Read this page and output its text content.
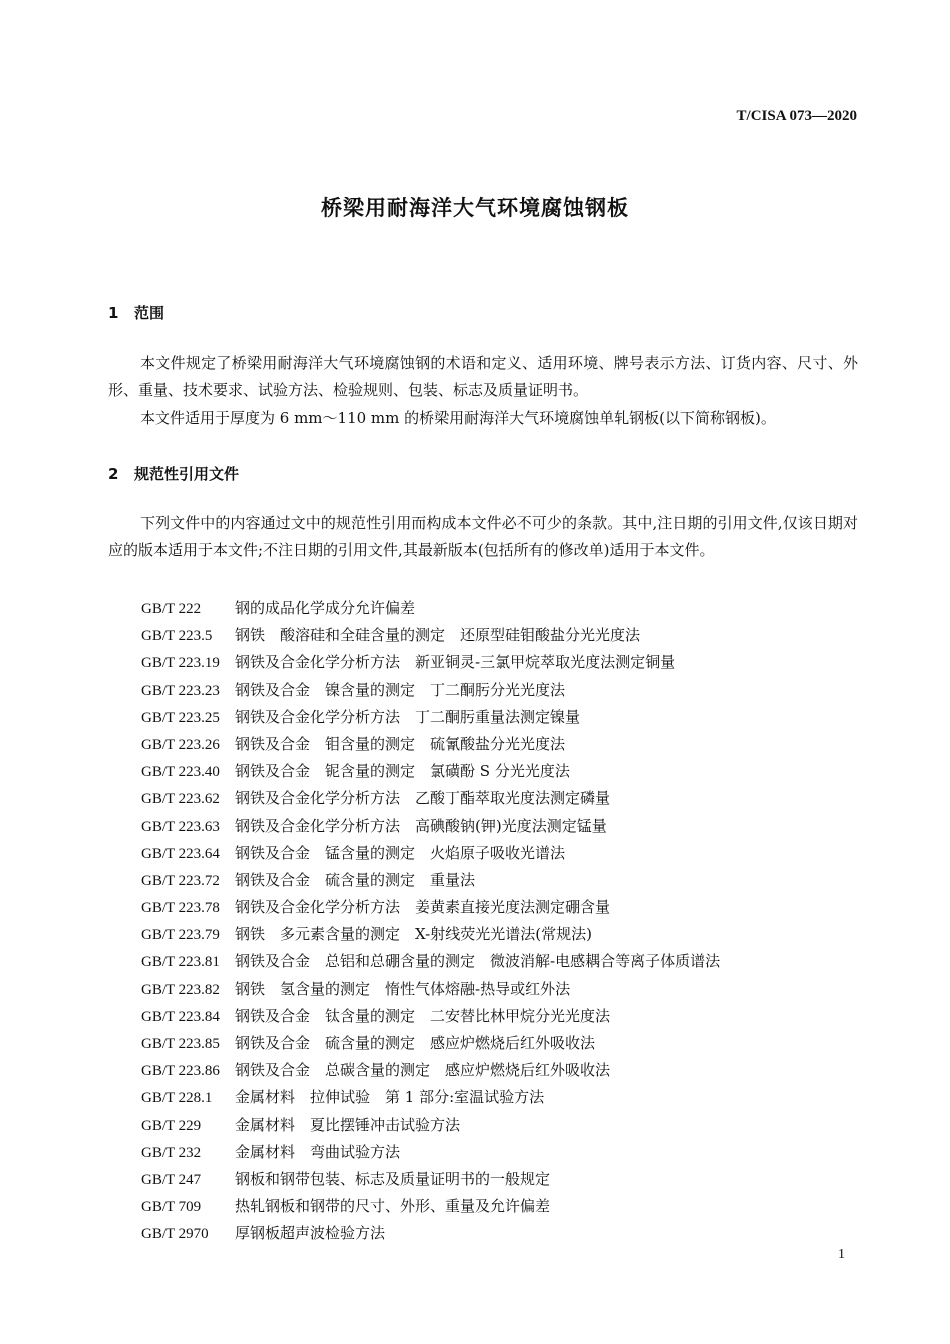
T/CISA 073—2020
桥梁用耐海洋大气环境腐蚀钢板
1 范围
本文件规定了桥梁用耐海洋大气环境腐蚀钢的术语和定义、适用环境、牌号表示方法、订货内容、尺寸、外形、重量、技术要求、试验方法、检验规则、包装、标志及质量证明书。
本文件适用于厚度为 6 mm～110 mm 的桥梁用耐海洋大气环境腐蚀单轧钢板(以下简称钢板)。
2 规范性引用文件
下列文件中的内容通过文中的规范性引用而构成本文件必不可少的条款。其中,注日期的引用文件,仅该日期对应的版本适用于本文件;不注日期的引用文件,其最新版本(包括所有的修改单)适用于本文件。
GB/T 222 钢的成品化学成分允许偏差
GB/T 223.5 钢铁　酸溶硅和全硅含量的测定　还原型硅钼酸盐分光光度法
GB/T 223.19 钢铁及合金化学分析方法　新亚铜灵-三氯甲烷萃取光度法测定铜量
GB/T 223.23 钢铁及合金　镍含量的测定　丁二酮肟分光光度法
GB/T 223.25 钢铁及合金化学分析方法　丁二酮肟重量法测定镍量
GB/T 223.26 钢铁及合金　钼含量的测定　硫氰酸盐分光光度法
GB/T 223.40 钢铁及合金　铌含量的测定　氯磺酚 S 分光光度法
GB/T 223.62 钢铁及合金化学分析方法　乙酸丁酯萃取光度法测定磷量
GB/T 223.63 钢铁及合金化学分析方法　高碘酸钠(钾)光度法测定锰量
GB/T 223.64 钢铁及合金　锰含量的测定　火焰原子吸收光谱法
GB/T 223.72 钢铁及合金　硫含量的测定　重量法
GB/T 223.78 钢铁及合金化学分析方法　姜黄素直接光度法测定硼含量
GB/T 223.79 钢铁　多元素含量的测定　X-射线荧光光谱法(常规法)
GB/T 223.81 钢铁及合金　总铝和总硼含量的测定　微波消解-电感耦合等离子体质谱法
GB/T 223.82 钢铁　氢含量的测定　惰性气体熔融-热导或红外法
GB/T 223.84 钢铁及合金　钛含量的测定　二安替比林甲烷分光光度法
GB/T 223.85 钢铁及合金　硫含量的测定　感应炉燃烧后红外吸收法
GB/T 223.86 钢铁及合金　总碳含量的测定　感应炉燃烧后红外吸收法
GB/T 228.1 金属材料　拉伸试验　第 1 部分:室温试验方法
GB/T 229 金属材料　夏比摆锤冲击试验方法
GB/T 232 金属材料　弯曲试验方法
GB/T 247 钢板和钢带包装、标志及质量证明书的一般规定
GB/T 709 热轧钢板和钢带的尺寸、外形、重量及允许偏差
GB/T 2970 厚钢板超声波检验方法
1
